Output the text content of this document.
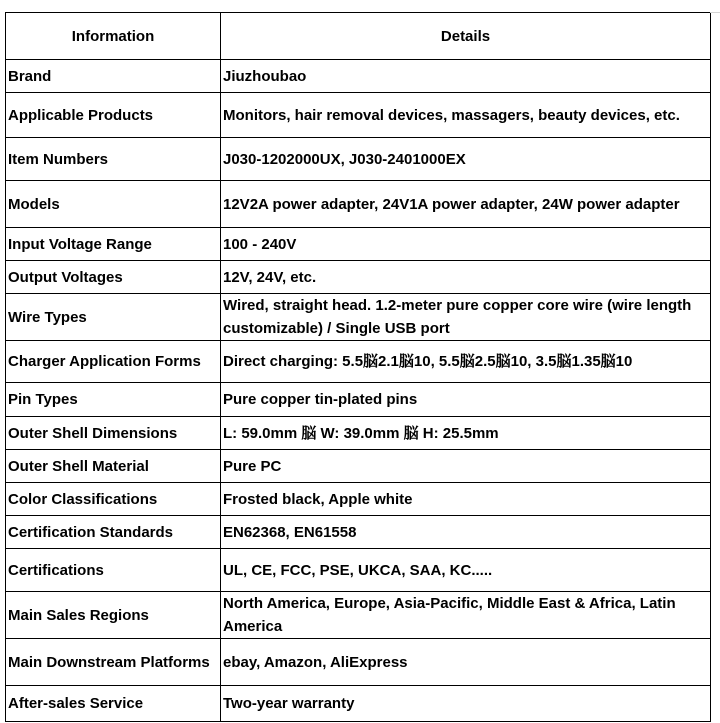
Information	Details
Brand	Jiuzhoubao
Applicable Products	Monitors, hair removal devices, massagers, beauty devices, etc.
Item Numbers	J030-1202000UX, J030-2401000EX
Models	12V2A power adapter, 24V1A power adapter, 24W power adapter
Input Voltage Range	100 - 240V
Output Voltages	12V, 24V, etc.
Wire Types	Wired, straight head. 1.2-meter pure copper core wire (wire length customizable) / Single USB port
Charger Application Forms	Direct charging: 5.5脳2.1脳10, 5.5脳2.5脳10, 3.5脳1.35脳10
Pin Types	Pure copper tin-plated pins
Outer Shell Dimensions	L: 59.0mm 脳 W: 39.0mm 脳 H: 25.5mm
Outer Shell Material	Pure PC
Color Classifications	Frosted black, Apple white
Certification Standards	EN62368, EN61558
Certifications	UL, CE, FCC, PSE, UKCA, SAA, KC.....
Main Sales Regions	North America, Europe, Asia-Pacific, Middle East & Africa, Latin America
Main Downstream Platforms	ebay, Amazon, AliExpress
After-sales Service	Two-year warranty
